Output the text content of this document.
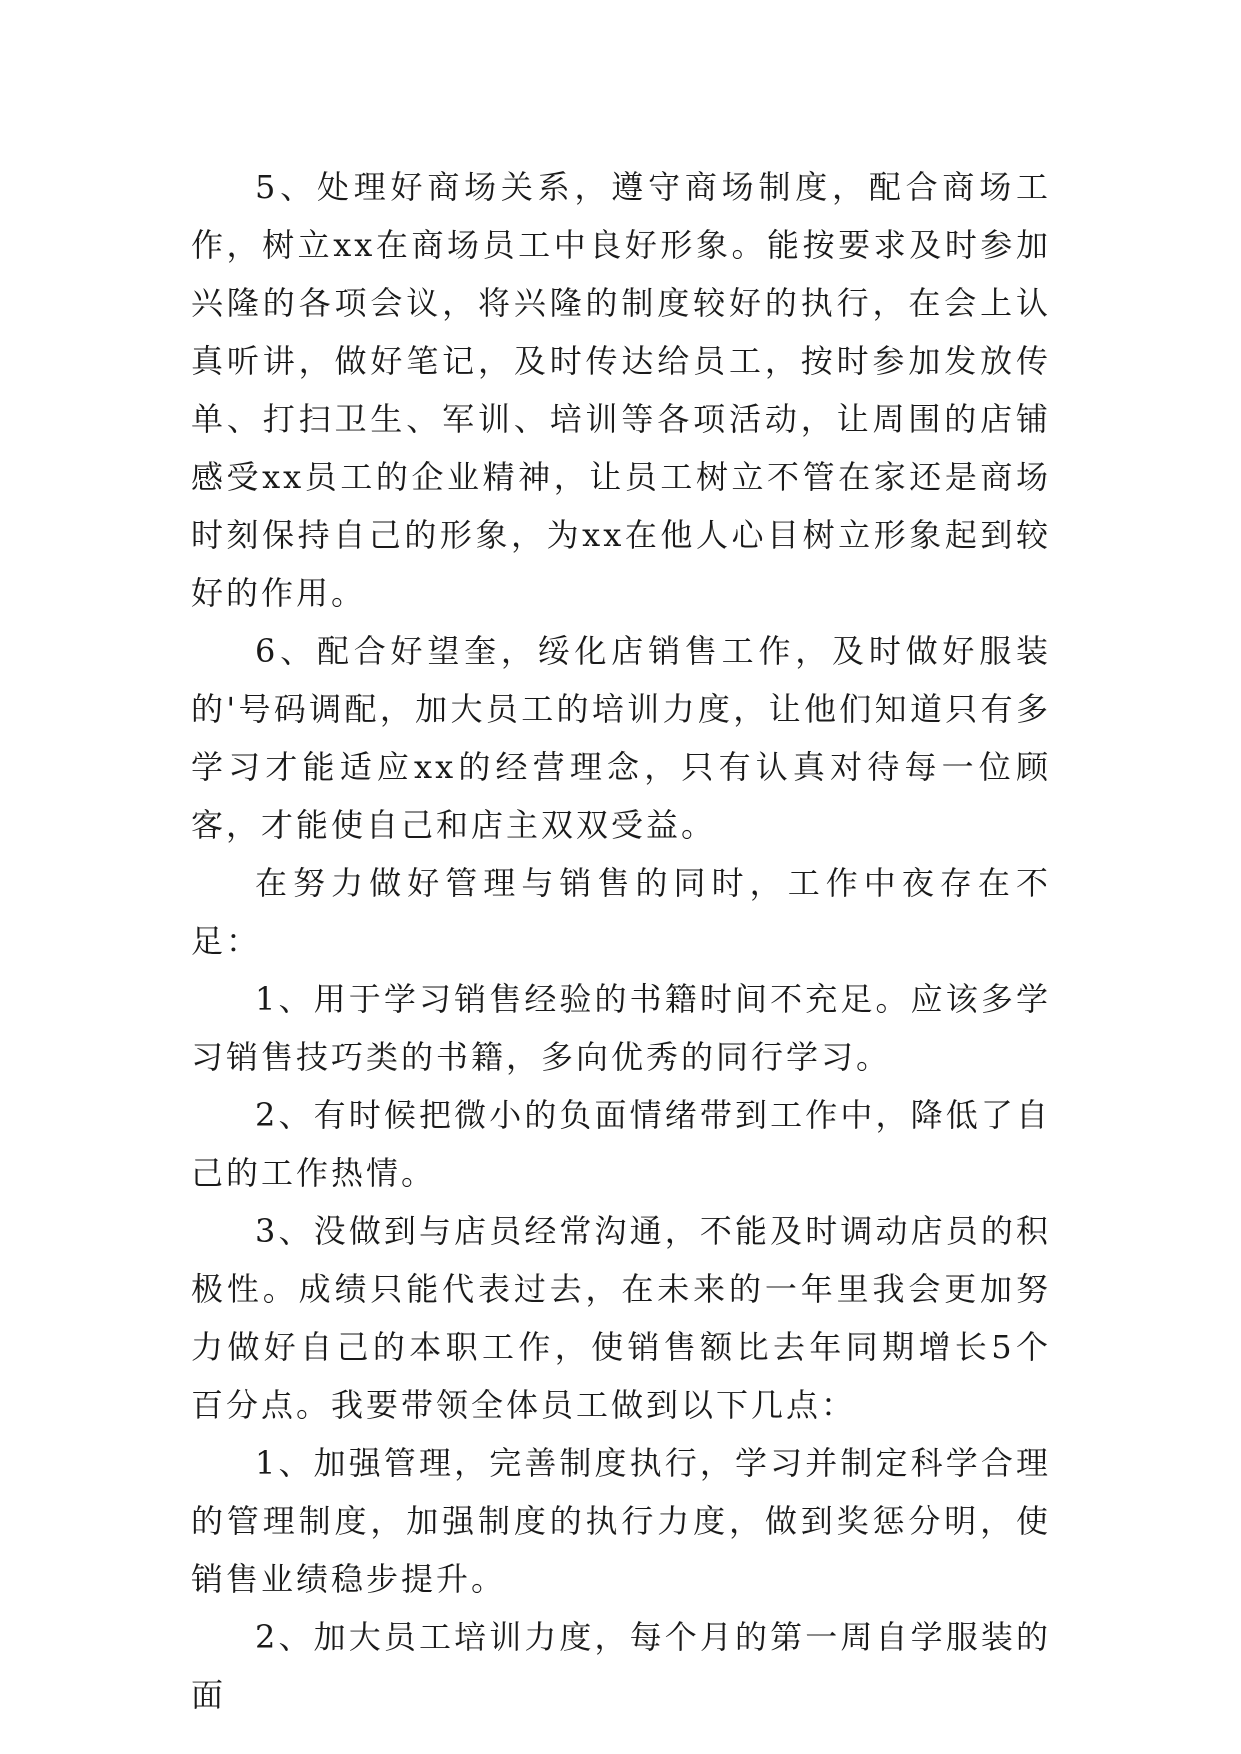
5、处理好商场关系，遵守商场制度，配合商场工作，树立xx在商场员工中良好形象。能按要求及时参加兴隆的各项会议，将兴隆的制度较好的执行，在会上认真听讲，做好笔记，及时传达给员工，按时参加发放传单、打扫卫生、军训、培训等各项活动，让周围的店铺感受xx员工的企业精神，让员工树立不管在家还是商场时刻保持自己的形象，为xx在他人心目树立形象起到较好的作用。

6、配合好望奎，绥化店销售工作，及时做好服装的'号码调配，加大员工的培训力度，让他们知道只有多学习才能适应xx的经营理念，只有认真对待每一位顾客，才能使自己和店主双双受益。

在努力做好管理与销售的同时，工作中夜存在不足：

1、用于学习销售经验的书籍时间不充足。应该多学习销售技巧类的书籍，多向优秀的同行学习。

2、有时候把微小的负面情绪带到工作中，降低了自己的工作热情。

3、没做到与店员经常沟通，不能及时调动店员的积极性。成绩只能代表过去，在未来的一年里我会更加努力做好自己的本职工作，使销售额比去年同期增长5个百分点。我要带领全体员工做到以下几点：

1、加强管理，完善制度执行，学习并制定科学合理的管理制度，加强制度的执行力度，做到奖惩分明，使销售业绩稳步提升。

2、加大员工培训力度，每个月的第一周自学服装的面
